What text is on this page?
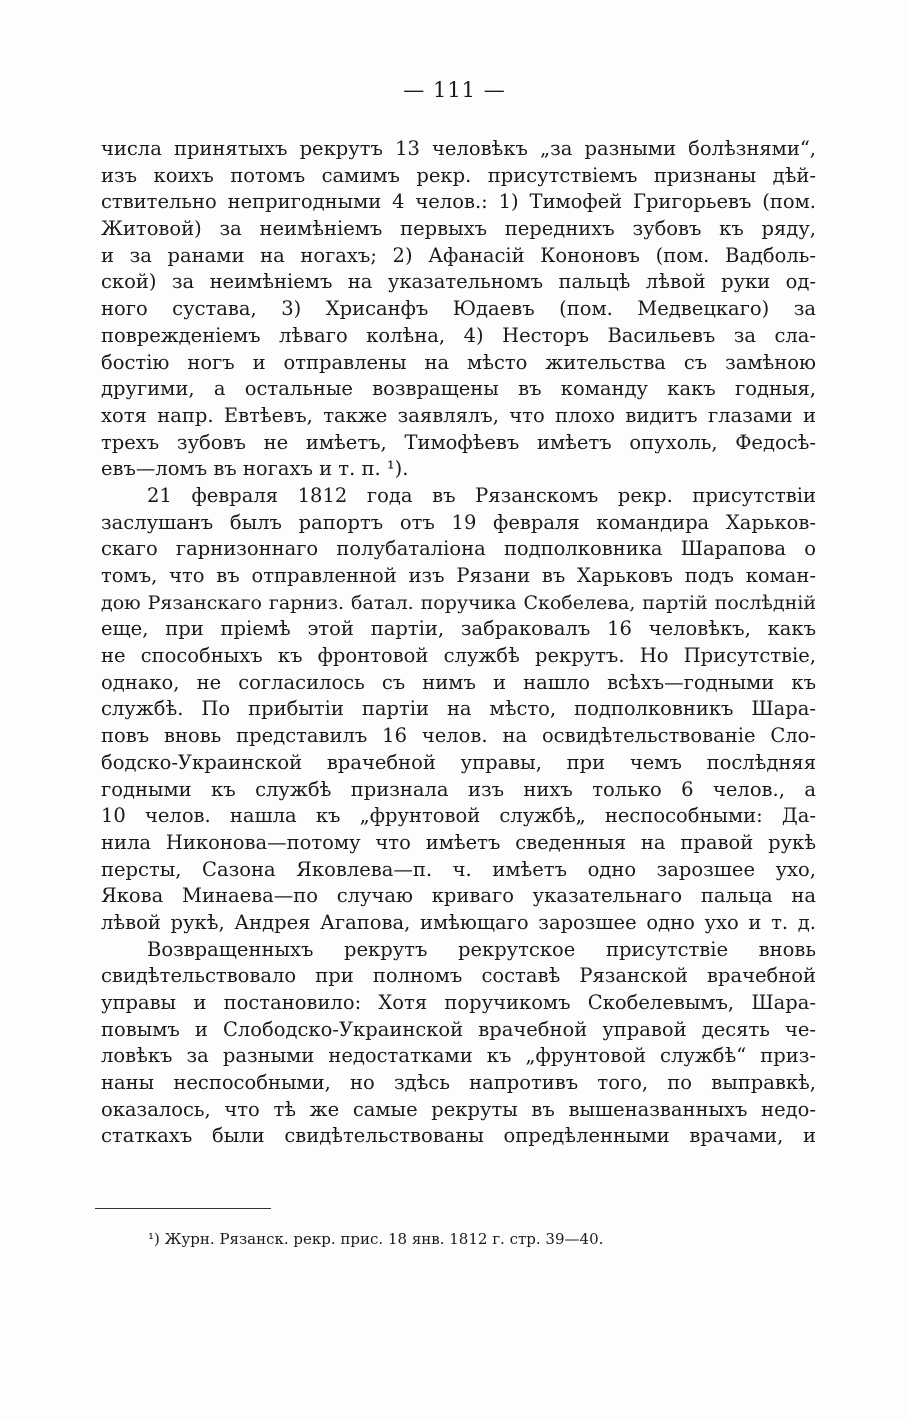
— 111 —
числа принятыхъ рекрутъ 13 человѣкъ „за разными болѣзнями“,
изъ коихъ потомъ самимъ рекр. присутствіемъ признаны дѣй-
ствительно непригодными 4 челов.: 1) Тимофей Григорьевъ (пом.
Житовой) за неимѣніемъ первыхъ переднихъ зубовъ къ ряду,
и за ранами на ногахъ; 2) Афанасій Кононовъ (пом. Вадболь-
ской) за неимѣніемъ на указательномъ пальцѣ лѣвой руки од-
ного сустава, 3) Хрисанфъ Юдаевъ (пом. Медвецкаго) за
поврежденіемъ лѣваго колѣна, 4) Несторъ Васильевъ за сла-
бостію ногъ и отправлены на мѣсто жительства съ замѣною
другими, а остальные возвращены въ команду какъ годныя,
хотя напр. Евтѣевъ, также заявлялъ, что плохо видитъ глазами и
трехъ зубовъ не имѣетъ, Тимофѣевъ имѣетъ опухоль, Федосѣ-
евъ—ломъ въ ногахъ и т. п. ¹).
21 февраля 1812 года въ Рязанскомъ рекр. присутствіи
заслушанъ былъ рапортъ отъ 19 февраля командира Харьков-
скаго гарнизоннаго полубаталіона подполковника Шарапова о
томъ, что въ отправленной изъ Рязани въ Харьковъ подъ коман-
дою Рязанскаго гарниз. батал. поручика Скобелева, партій послѣдній
еще, при пріемѣ этой партіи, забраковалъ 16 человѣкъ, какъ
не способныхъ къ фронтовой службѣ рекрутъ. Но Присутствіе,
однако, не согласилось съ нимъ и нашло всѣхъ—годными къ
службѣ. По прибытіи партіи на мѣсто, подполковникъ Шара-
повъ вновь представилъ 16 челов. на освидѣтельствованіе Сло-
бодско-Украинской врачебной управы, при чемъ послѣдняя
годными къ службѣ признала изъ нихъ только 6 челов., а
10 челов. нашла къ „фрунтовой службѣ„ неспособными: Да-
нила Никонова—потому что имѣетъ сведенныя на правой рукѣ
персты, Сазона Яковлева—п. ч. имѣетъ одно зарозшее ухо,
Якова Минаева—по случаю криваго указательнаго пальца на
лѣвой рукѣ, Андрея Агапова, имѣющаго зарозшее одно ухо и т. д.
Возвращенныхъ рекрутъ рекрутское присутствіе вновь
свидѣтельствовало при полномъ составѣ Рязанской врачебной
управы и постановило: Хотя поручикомъ Скобелевымъ, Шара-
повымъ и Слободско-Украинской врачебной управой десять че-
ловѣкъ за разными недостатками къ „фрунтовой службѣ“ приз-
наны неспособными, но здѣсь напротивъ того, по выправкѣ,
оказалось, что тѣ же самые рекруты въ вышеназванныхъ недо-
статкахъ были свидѣтельствованы опредѣленными врачами, и
¹) Журн. Рязанск. рекр. прис. 18 янв. 1812 г. стр. 39—40.
